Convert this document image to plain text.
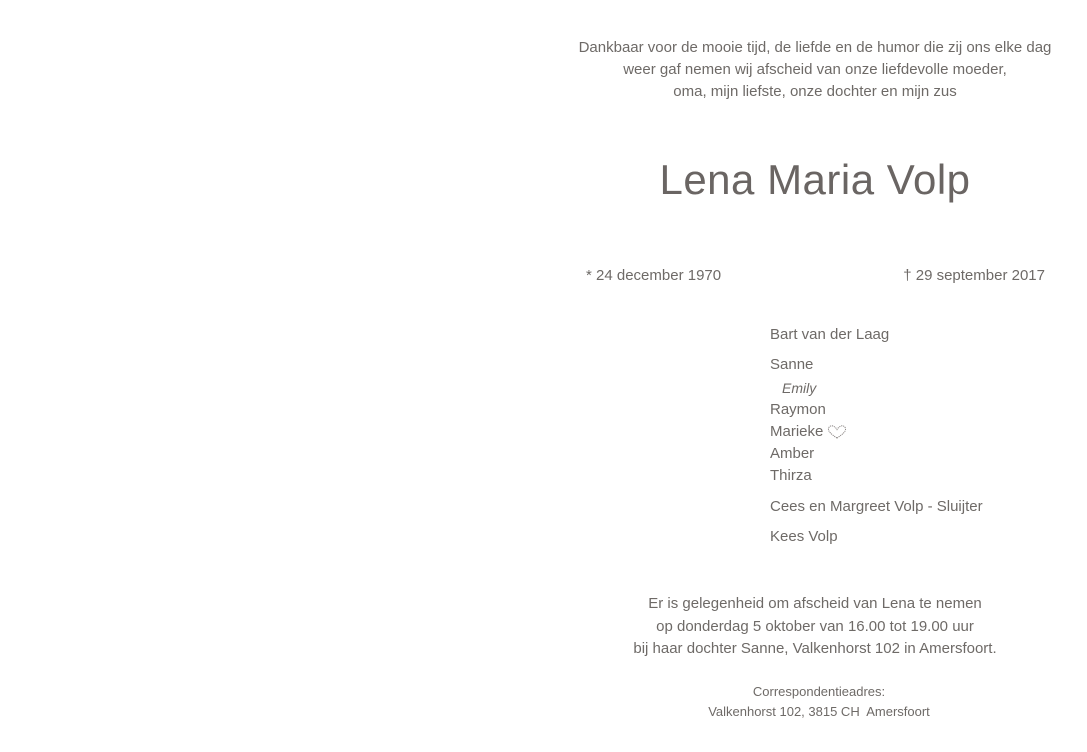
Dankbaar voor de mooie tijd, de liefde en de humor die zij ons elke dag
weer gaf nemen wij afscheid van onze liefdevolle moeder,
oma, mijn liefste, onze dochter en mijn zus
Lena Maria Volp
* 24 december 1970	† 29 september 2017
Bart van der Laag
Sanne
Emily
Raymon
Marieke
Amber
Thirza
Cees en Margreet Volp - Sluijter
Kees Volp
Er is gelegenheid om afscheid van Lena te nemen
op donderdag 5 oktober van 16.00 tot 19.00 uur
bij haar dochter Sanne, Valkenhorst 102 in Amersfoort.
Correspondentieadres:
Valkenhorst 102, 3815 CH  Amersfoort
